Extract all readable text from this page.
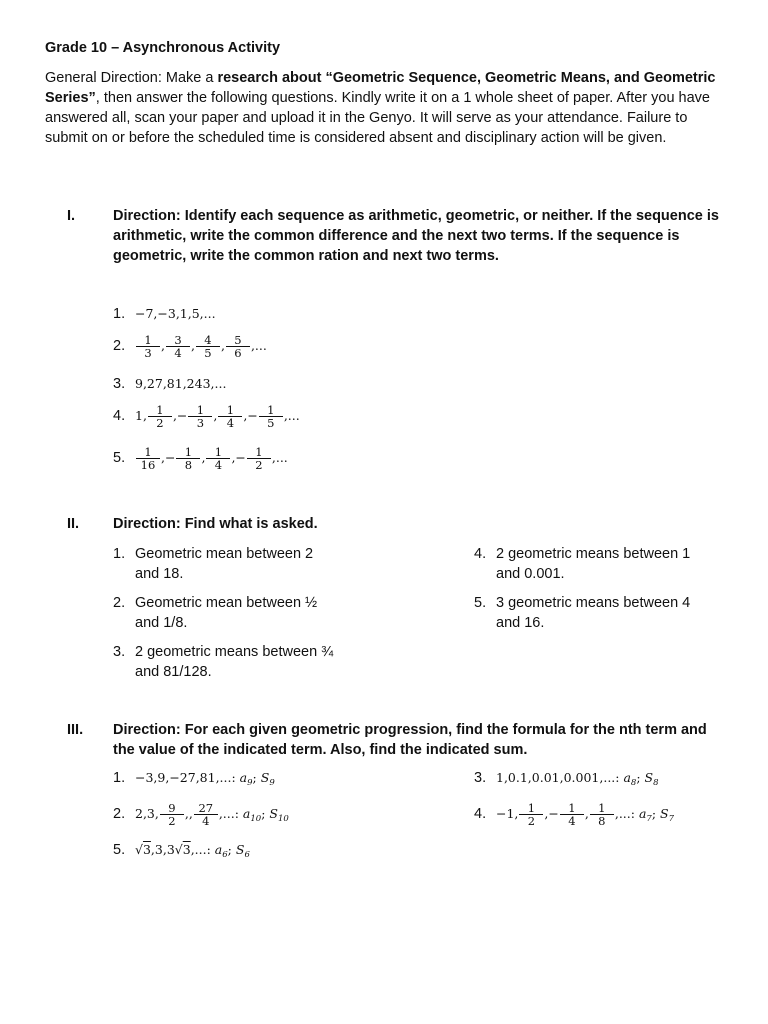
Grade 10 – Asynchronous Activity
General Direction: Make a research about “Geometric Sequence, Geometric Means, and Geometric Series”, then answer the following questions. Kindly write it on a 1 whole sheet of paper. After you have answered all, scan your paper and upload it in the Genyo. It will serve as your attendance. Failure to submit on or before the scheduled time is considered absent and disciplinary action will be given.
I.	Direction: Identify each sequence as arithmetic, geometric, or neither. If the sequence is arithmetic, write the common difference and the next two terms. If the sequence is geometric, write the common ration and next two terms.
1. −7,−3,1,5,...
2. $\frac{1}{3} ,\frac{3}{4} ,\frac{4}{5} ,\frac{5}{6}$ ,...
3. 9,27,81,243,...
4. $1,\frac{1}{2} ,-\frac{1}{3} ,\frac{1}{4} ,-\frac{1}{5}$ ,...
5. $\frac{1}{16} ,-\frac{1}{8} ,\frac{1}{4} ,-\frac{1}{2}$ ,...
II. Direction: Find what is asked.
1. Geometric mean between 2
and 18.
2. Geometric mean between ½
and 1/8.
3. 2 geometric means between ¾
and 81/128.
4. 2 geometric means between 1
and 0.001.
5. 3 geometric means between 4
and 16.
III. Direction: For each given geometric progression, find the formula for the nth term and the value of the indicated term. Also, find the indicated sum.
1. −3,9,−27,81,...: $a_9$; $S_9$
2. $2,3,\frac{9}{2} ,,\frac{27}{4}$ ,...: $a_{10}$; $S_{10}$
3. 1,0.1,0.01,0.001,...: $a_8$; $S_8$
4. $-1,\frac{1}{2} ,-\frac{1}{4} ,\frac{1}{8}$ ,...: $a_7$; $S_7$
5. √3,3,3√3,...: $a_6$; $S_6$
